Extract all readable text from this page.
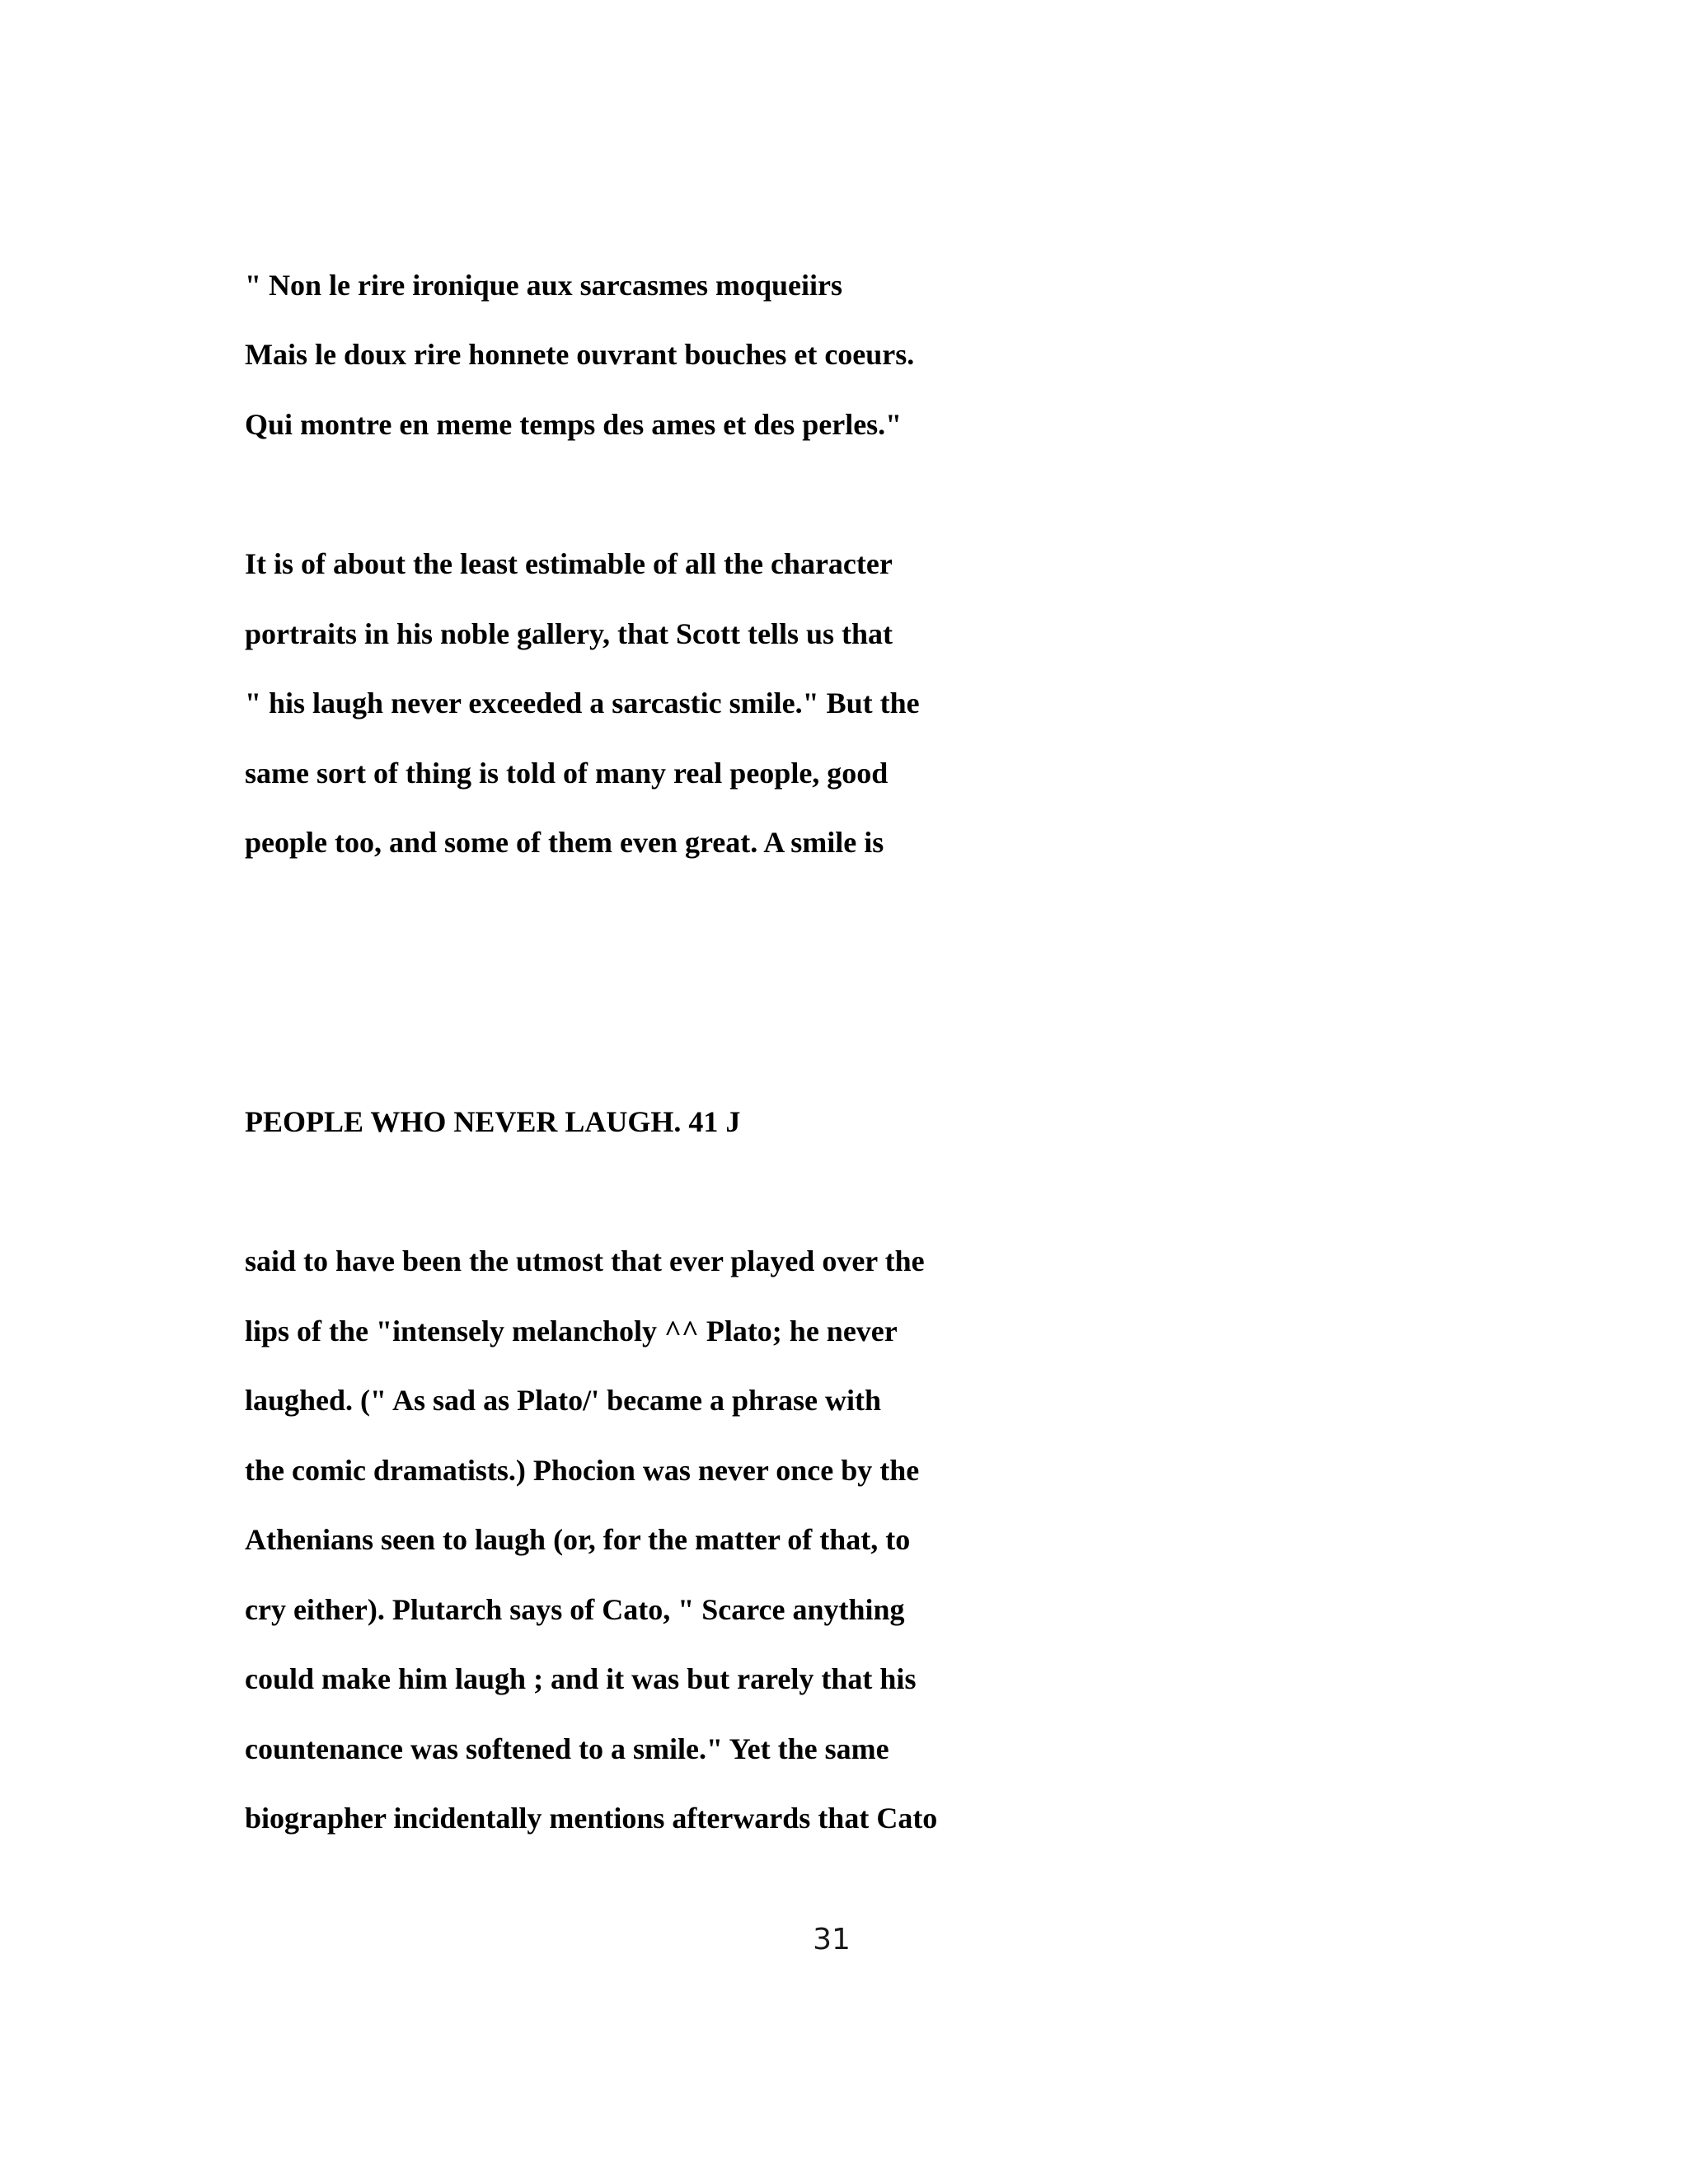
" Non le rire ironique aux sarcasmes moqueiirs

Mais le doux rire honnete ouvrant bouches et coeurs.

Qui montre en meme temps des ames et des perles."

It is of about the least estimable of all the character

portraits in his noble gallery, that Scott tells us that

" his laugh never exceeded a sarcastic smile." But the

same sort of thing is told of many real people, good

people too, and some of them even great. A smile is

PEOPLE WHO NEVER LAUGH. 41 J

said to have been the utmost that ever played over the

lips of the "intensely melancholy ^^ Plato; he never

laughed. (" As sad as Plato/' became a phrase with

the comic dramatists.) Phocion was never once by the

Athenians seen to laugh (or, for the matter of that, to

cry either). Plutarch says of Cato, " Scarce anything

could make him laugh ; and it was but rarely that his

countenance was softened to a smile." Yet the same

biographer incidentally mentions afterwards that Cato

31
